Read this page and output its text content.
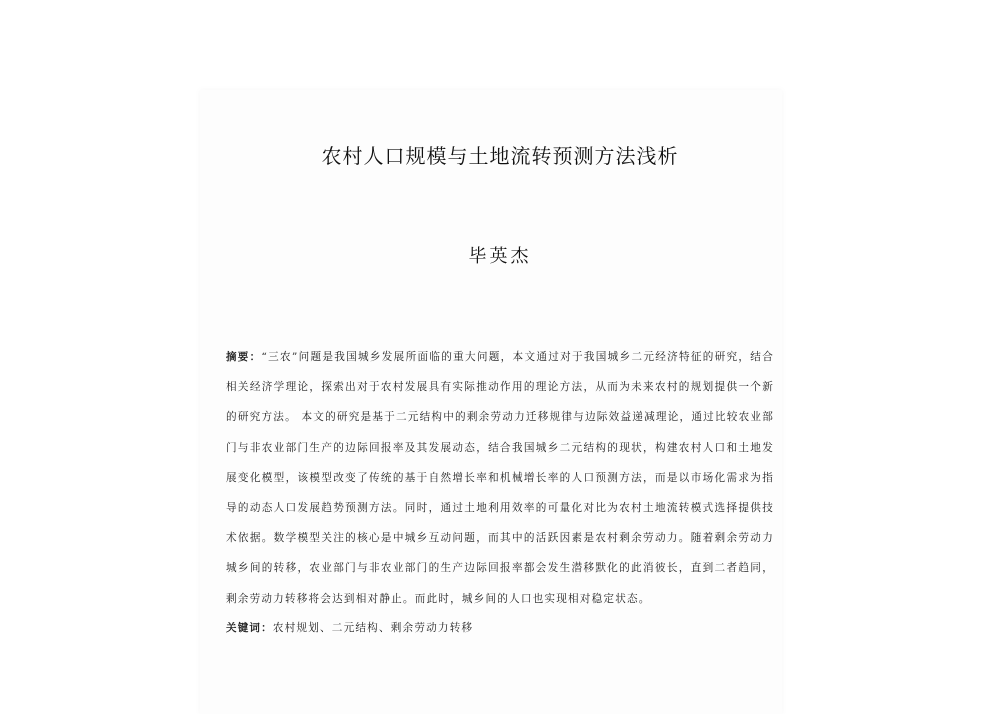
农村人口规模与土地流转预测方法浅析
毕英杰

摘要：“三农”问题是我国城乡发展所面临的重大问题，本文通过对于我国城乡二元经济特征的研究，结合相关经济学理论，探索出对于农村发展具有实际推动作用的理论方法，从而为未来农村的规划提供一个新的研究方法。 本文的研究是基于二元结构中的剩余劳动力迁移规律与边际效益递减理论，通过比较农业部门与非农业部门生产的边际回报率及其发展动态，结合我国城乡二元结构的现状，构建农村人口和土地发展变化模型，该模型改变了传统的基于自然增长率和机械增长率的人口预测方法，而是以市场化需求为指导的动态人口发展趋势预测方法。同时，通过土地利用效率的可量化对比为农村土地流转模式选择提供技术依据。数学模型关注的核心是中城乡互动问题，而其中的活跃因素是农村剩余劳动力。随着剩余劳动力城乡间的转移，农业部门与非农业部门的生产边际回报率都会发生潜移默化的此消彼长，直到二者趋同，剩余劳动力转移将会达到相对静止。而此时，城乡间的人口也实现相对稳定状态。

关键词：农村规划、二元结构、剩余劳动力转移
